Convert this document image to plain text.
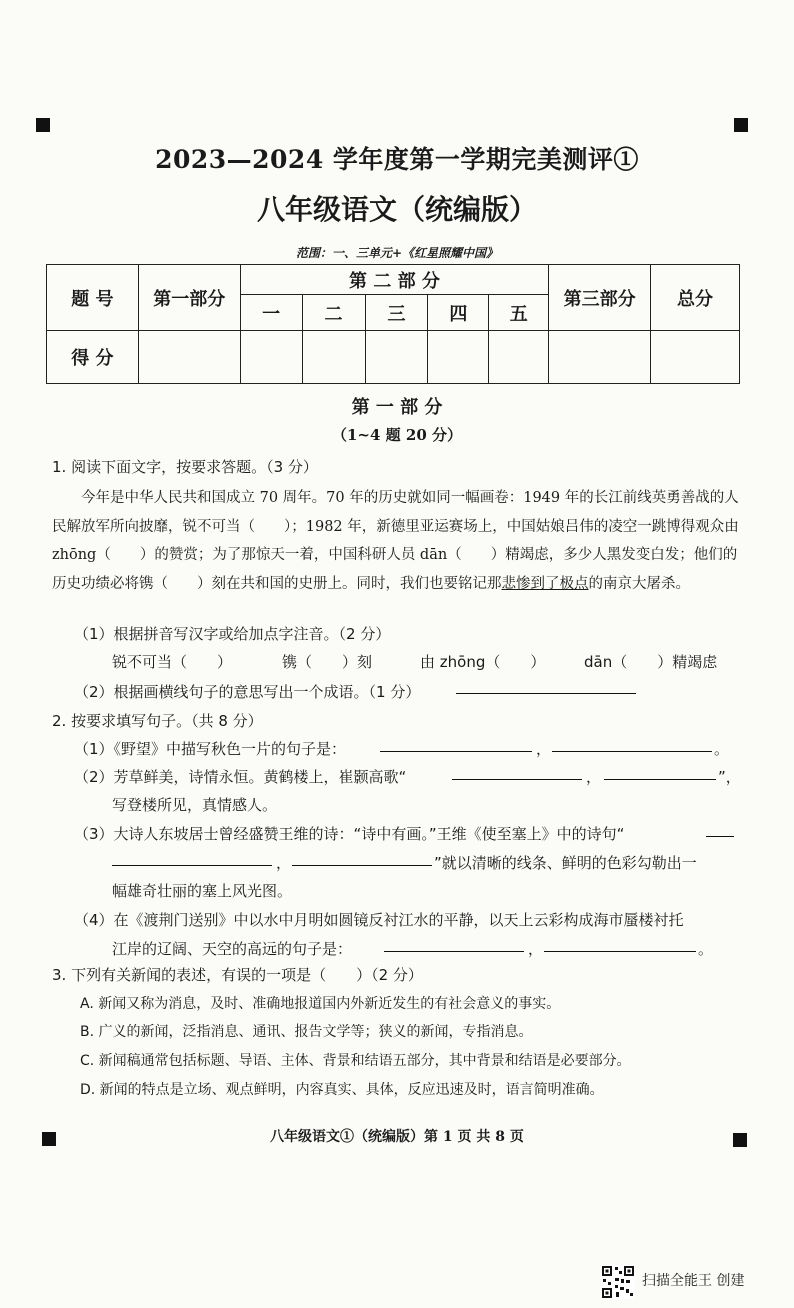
2023—2024 学年度第一学期完美测评①
八年级语文（统编版）
范围：一、三单元+《红星照耀中国》
题 号	第一部分	第 二 部 分					第三部分	总分
		一	二	三	四	五		
得 分								
第 一 部 分
（1~4 题 20 分）
1. 阅读下面文字，按要求答题。（3 分）
今年是中华人民共和国成立 70 周年。70 年的历史就如同一幅画卷：1949 年的长江前线英勇善战的人民解放军所向披靡，锐不可当（　　）；1982 年，新德里亚运赛场上，中国姑娘吕伟的凌空一跳博得观众由 zhōng（　　）的赞赏；为了那惊天一着，中国科研人员 dān（　　）精竭虑，多少人黑发变白发；他们的历史功绩必将镌（　　）刻在共和国的史册上。同时，我们也要铭记那悲惨到了极点的南京大屠杀。
（1）根据拼音写汉字或给加点字注音。（2 分）
锐不可当（　　）	镌（　　）刻	由 zhōng（　　）	dān（　　）精竭虑
（2）根据画横线句子的意思写出一个成语。（1 分）
2. 按要求填写句子。（共 8 分）
（1）《野望》中描写秋色一片的句子是：	，	。
（2）芳草鲜美，诗情永恒。黄鹤楼上，崔颢高歌“	，	”，
写登楼所见，真情感人。
（3）大诗人东坡居士曾经盛赞王维的诗：“诗中有画。”王维《使至塞上》中的诗句“
，	”就以清晰的线条、鲜明的色彩勾勒出一
幅雄奇壮丽的塞上风光图。
（4）在《渡荆门送别》中以水中月明如圆镜反衬江水的平静，以天上云彩构成海市蜃楼衬托
江岸的辽阔、天空的高远的句子是：	，	。
3. 下列有关新闻的表述，有误的一项是（　　）（2 分）
A. 新闻又称为消息，及时、准确地报道国内外新近发生的有社会意义的事实。
B. 广义的新闻，泛指消息、通讯、报告文学等；狭义的新闻，专指消息。
C. 新闻稿通常包括标题、导语、主体、背景和结语五部分，其中背景和结语是必要部分。
D. 新闻的特点是立场、观点鲜明，内容真实、具体，反应迅速及时，语言简明准确。
八年级语文①（统编版）第 1 页 共 8 页
扫描全能王 创建
